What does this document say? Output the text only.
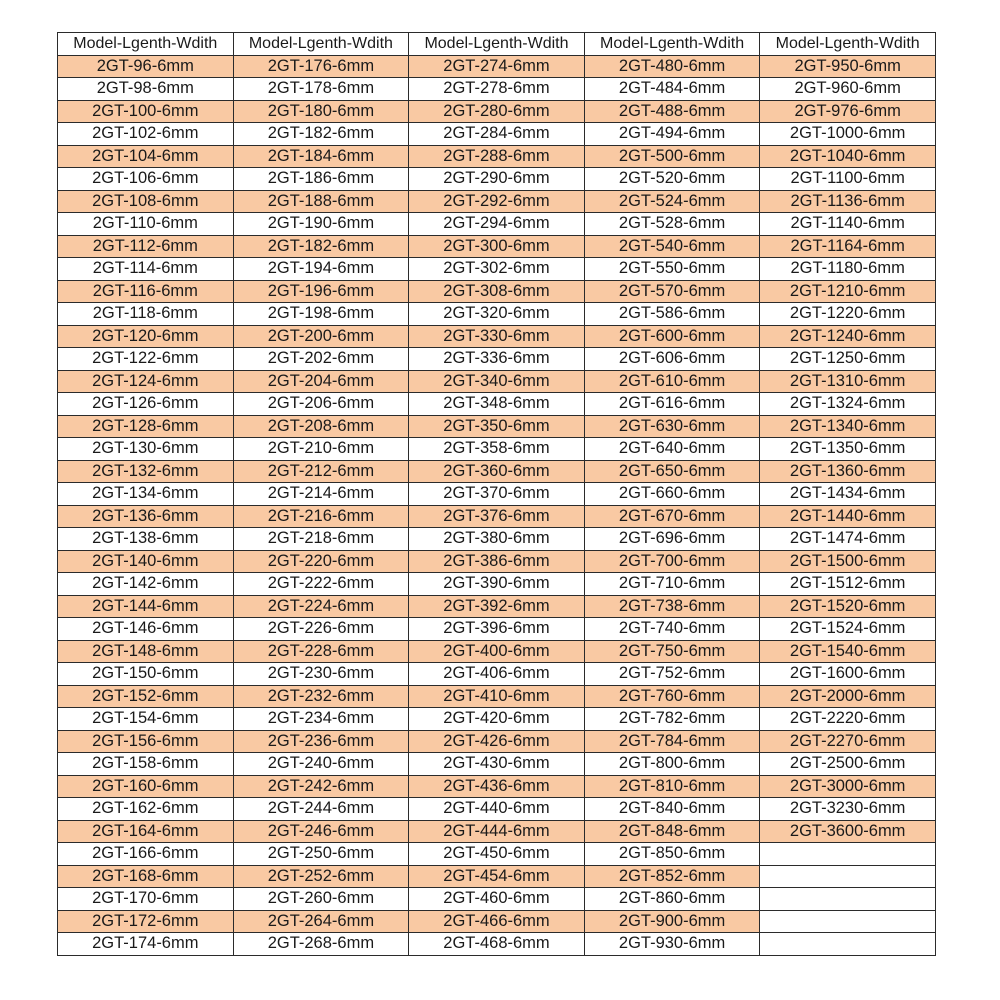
Model-Lgenth-Wdith	Model-Lgenth-Wdith	Model-Lgenth-Wdith	Model-Lgenth-Wdith	Model-Lgenth-Wdith
2GT-96-6mm	2GT-176-6mm	2GT-274-6mm	2GT-480-6mm	2GT-950-6mm
2GT-98-6mm	2GT-178-6mm	2GT-278-6mm	2GT-484-6mm	2GT-960-6mm
2GT-100-6mm	2GT-180-6mm	2GT-280-6mm	2GT-488-6mm	2GT-976-6mm
2GT-102-6mm	2GT-182-6mm	2GT-284-6mm	2GT-494-6mm	2GT-1000-6mm
2GT-104-6mm	2GT-184-6mm	2GT-288-6mm	2GT-500-6mm	2GT-1040-6mm
2GT-106-6mm	2GT-186-6mm	2GT-290-6mm	2GT-520-6mm	2GT-1100-6mm
2GT-108-6mm	2GT-188-6mm	2GT-292-6mm	2GT-524-6mm	2GT-1136-6mm
2GT-110-6mm	2GT-190-6mm	2GT-294-6mm	2GT-528-6mm	2GT-1140-6mm
2GT-112-6mm	2GT-182-6mm	2GT-300-6mm	2GT-540-6mm	2GT-1164-6mm
2GT-114-6mm	2GT-194-6mm	2GT-302-6mm	2GT-550-6mm	2GT-1180-6mm
2GT-116-6mm	2GT-196-6mm	2GT-308-6mm	2GT-570-6mm	2GT-1210-6mm
2GT-118-6mm	2GT-198-6mm	2GT-320-6mm	2GT-586-6mm	2GT-1220-6mm
2GT-120-6mm	2GT-200-6mm	2GT-330-6mm	2GT-600-6mm	2GT-1240-6mm
2GT-122-6mm	2GT-202-6mm	2GT-336-6mm	2GT-606-6mm	2GT-1250-6mm
2GT-124-6mm	2GT-204-6mm	2GT-340-6mm	2GT-610-6mm	2GT-1310-6mm
2GT-126-6mm	2GT-206-6mm	2GT-348-6mm	2GT-616-6mm	2GT-1324-6mm
2GT-128-6mm	2GT-208-6mm	2GT-350-6mm	2GT-630-6mm	2GT-1340-6mm
2GT-130-6mm	2GT-210-6mm	2GT-358-6mm	2GT-640-6mm	2GT-1350-6mm
2GT-132-6mm	2GT-212-6mm	2GT-360-6mm	2GT-650-6mm	2GT-1360-6mm
2GT-134-6mm	2GT-214-6mm	2GT-370-6mm	2GT-660-6mm	2GT-1434-6mm
2GT-136-6mm	2GT-216-6mm	2GT-376-6mm	2GT-670-6mm	2GT-1440-6mm
2GT-138-6mm	2GT-218-6mm	2GT-380-6mm	2GT-696-6mm	2GT-1474-6mm
2GT-140-6mm	2GT-220-6mm	2GT-386-6mm	2GT-700-6mm	2GT-1500-6mm
2GT-142-6mm	2GT-222-6mm	2GT-390-6mm	2GT-710-6mm	2GT-1512-6mm
2GT-144-6mm	2GT-224-6mm	2GT-392-6mm	2GT-738-6mm	2GT-1520-6mm
2GT-146-6mm	2GT-226-6mm	2GT-396-6mm	2GT-740-6mm	2GT-1524-6mm
2GT-148-6mm	2GT-228-6mm	2GT-400-6mm	2GT-750-6mm	2GT-1540-6mm
2GT-150-6mm	2GT-230-6mm	2GT-406-6mm	2GT-752-6mm	2GT-1600-6mm
2GT-152-6mm	2GT-232-6mm	2GT-410-6mm	2GT-760-6mm	2GT-2000-6mm
2GT-154-6mm	2GT-234-6mm	2GT-420-6mm	2GT-782-6mm	2GT-2220-6mm
2GT-156-6mm	2GT-236-6mm	2GT-426-6mm	2GT-784-6mm	2GT-2270-6mm
2GT-158-6mm	2GT-240-6mm	2GT-430-6mm	2GT-800-6mm	2GT-2500-6mm
2GT-160-6mm	2GT-242-6mm	2GT-436-6mm	2GT-810-6mm	2GT-3000-6mm
2GT-162-6mm	2GT-244-6mm	2GT-440-6mm	2GT-840-6mm	2GT-3230-6mm
2GT-164-6mm	2GT-246-6mm	2GT-444-6mm	2GT-848-6mm	2GT-3600-6mm
2GT-166-6mm	2GT-250-6mm	2GT-450-6mm	2GT-850-6mm	
2GT-168-6mm	2GT-252-6mm	2GT-454-6mm	2GT-852-6mm	
2GT-170-6mm	2GT-260-6mm	2GT-460-6mm	2GT-860-6mm	
2GT-172-6mm	2GT-264-6mm	2GT-466-6mm	2GT-900-6mm	
2GT-174-6mm	2GT-268-6mm	2GT-468-6mm	2GT-930-6mm	
